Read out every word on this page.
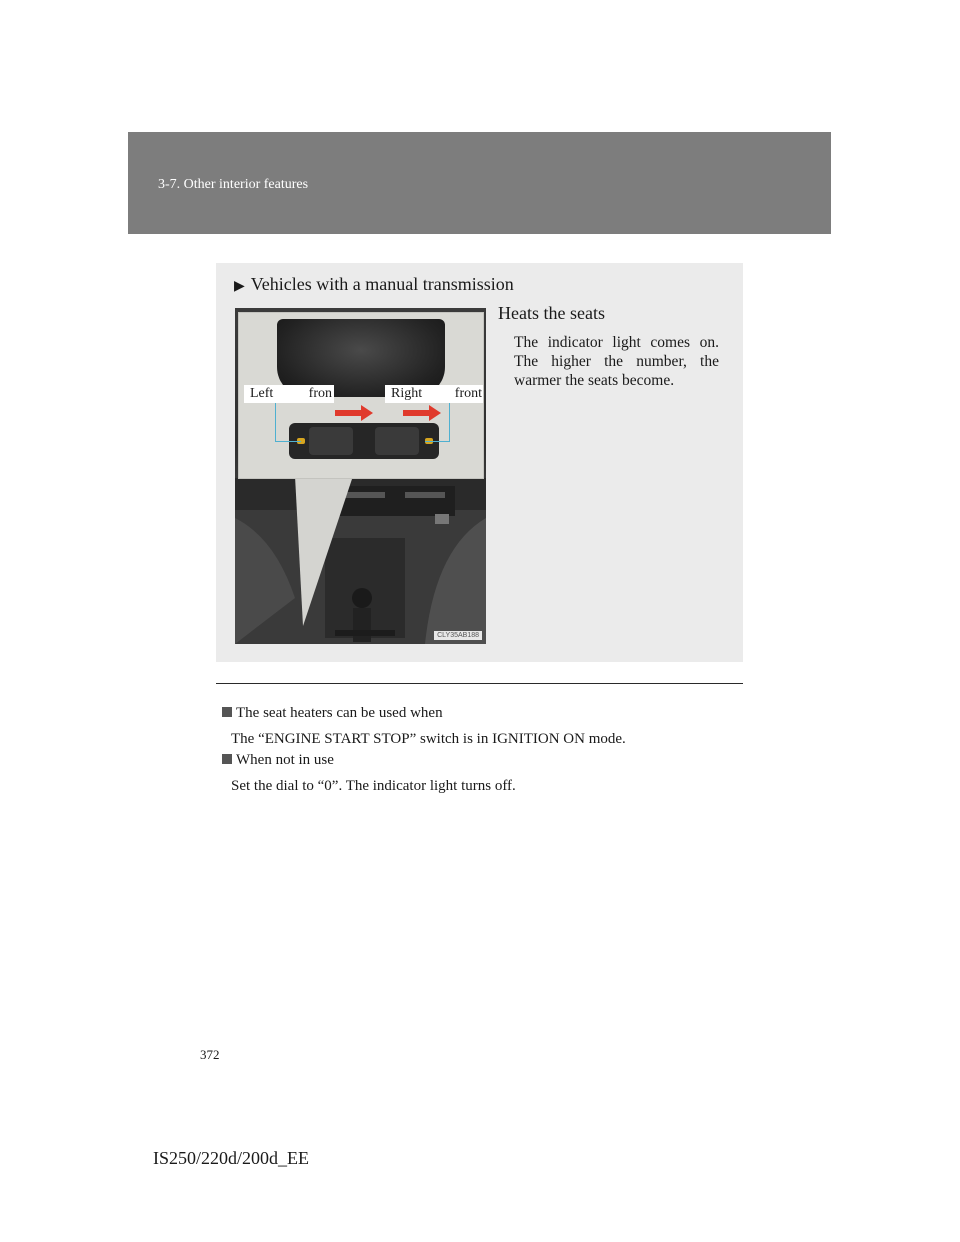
3-7. Other interior features
▶ Vehicles with a manual transmission
Left	fron	Right front
CLY35AB188
Heats the seats
The indicator light comes on. The higher the number, the warmer the seats become.
The seat heaters can be used when
The “ENGINE START STOP” switch is in IGNITION ON mode.
When not in use
Set the dial to “0”. The indicator light turns off.
372
IS250/220d/200d_EE
